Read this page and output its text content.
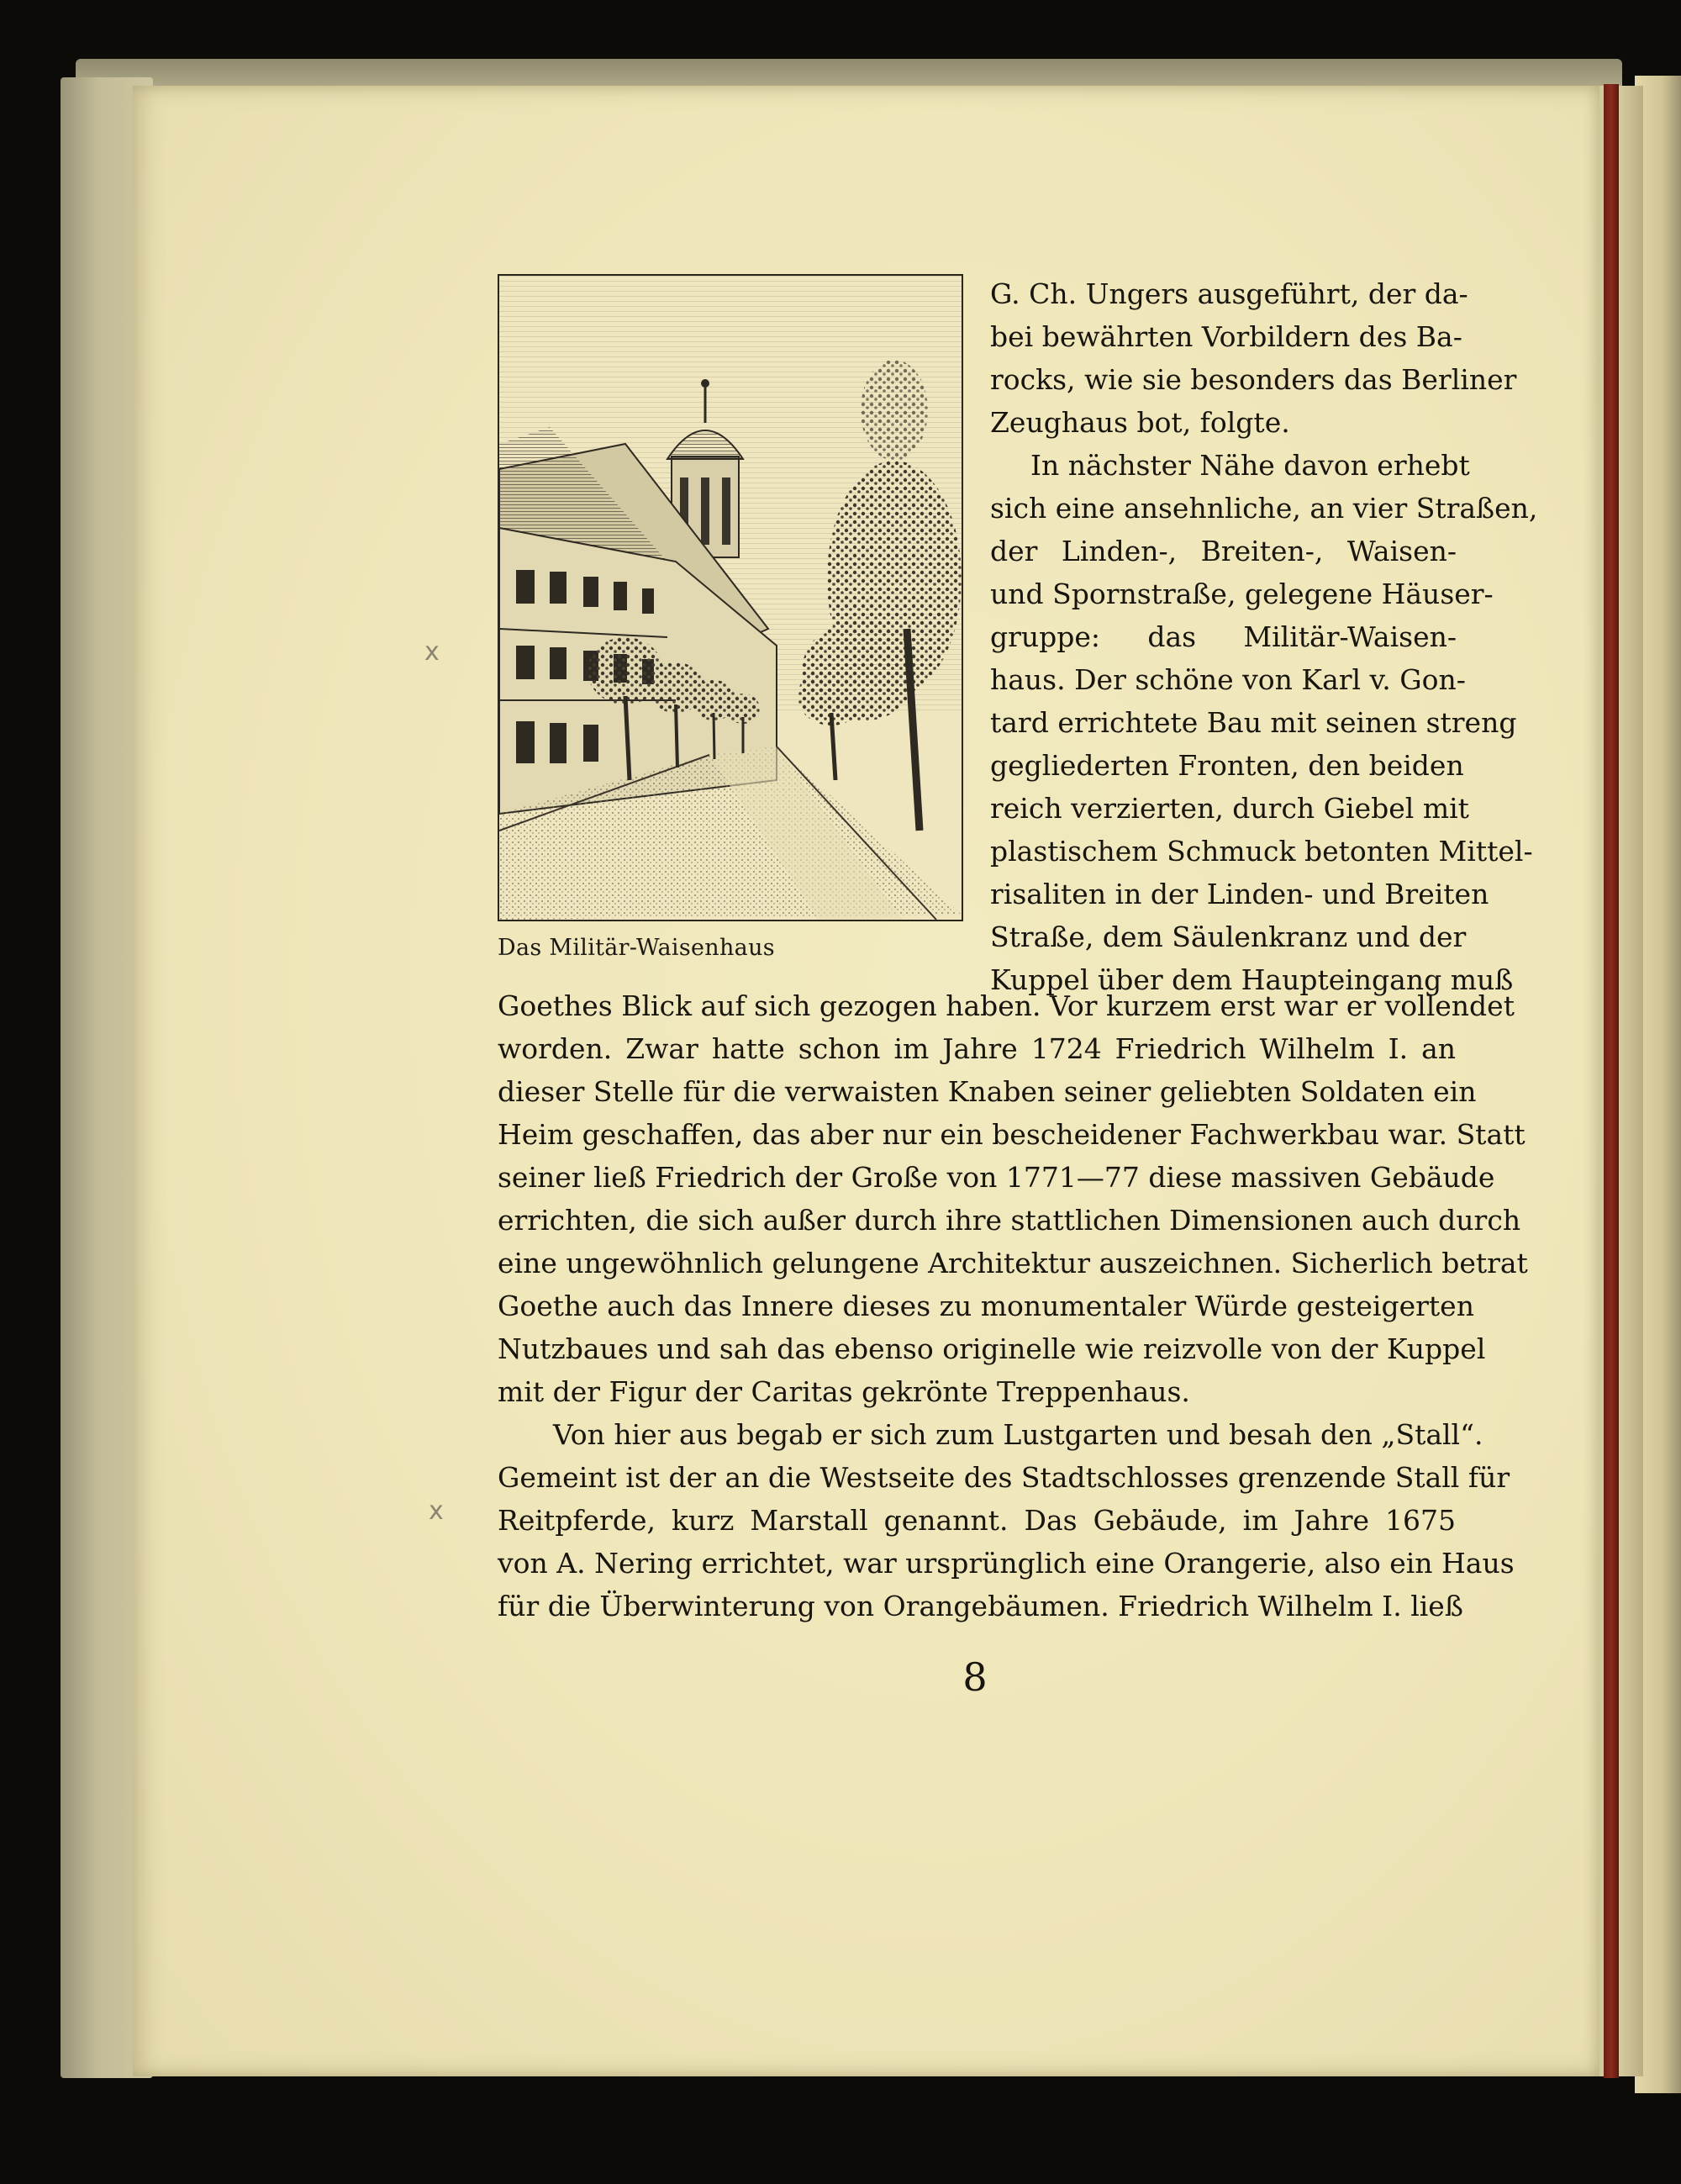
Das Militär-Waisenhaus
G. Ch. Ungers ausgeführt, der da-
bei bewährten Vorbildern des Ba-
rocks, wie sie besonders das Berliner
Zeughaus bot, folgte.
In nächster Nähe davon erhebt
sich eine ansehnliche, an vier Straßen,
der Linden-, Breiten-, Waisen-
und Spornstraße, gelegene Häuser-
gruppe: das Militär-Waisen-
haus. Der schöne von Karl v. Gon-
tard errichtete Bau mit seinen streng
gegliederten Fronten, den beiden
reich verzierten, durch Giebel mit
plastischem Schmuck betonten Mittel-
risaliten in der Linden- und Breiten
Straße, dem Säulenkranz und der
Kuppel über dem Haupteingang muß
Goethes Blick auf sich gezogen haben. Vor kurzem erst war er vollendet
worden. Zwar hatte schon im Jahre 1724 Friedrich Wilhelm I. an
dieser Stelle für die verwaisten Knaben seiner geliebten Soldaten ein
Heim geschaffen, das aber nur ein bescheidener Fachwerkbau war. Statt
seiner ließ Friedrich der Große von 1771—77 diese massiven Gebäude
errichten, die sich außer durch ihre stattlichen Dimensionen auch durch
eine ungewöhnlich gelungene Architektur auszeichnen. Sicherlich betrat
Goethe auch das Innere dieses zu monumentaler Würde gesteigerten
Nutzbaues und sah das ebenso originelle wie reizvolle von der Kuppel
mit der Figur der Caritas gekrönte Treppenhaus.
Von hier aus begab er sich zum Lustgarten und besah den „Stall“.
Gemeint ist der an die Westseite des Stadtschlosses grenzende Stall für
Reitpferde, kurz Marstall genannt. Das Gebäude, im Jahre 1675
von A. Nering errichtet, war ursprünglich eine Orangerie, also ein Haus
für die Überwinterung von Orangebäumen. Friedrich Wilhelm I. ließ
8
x
x
